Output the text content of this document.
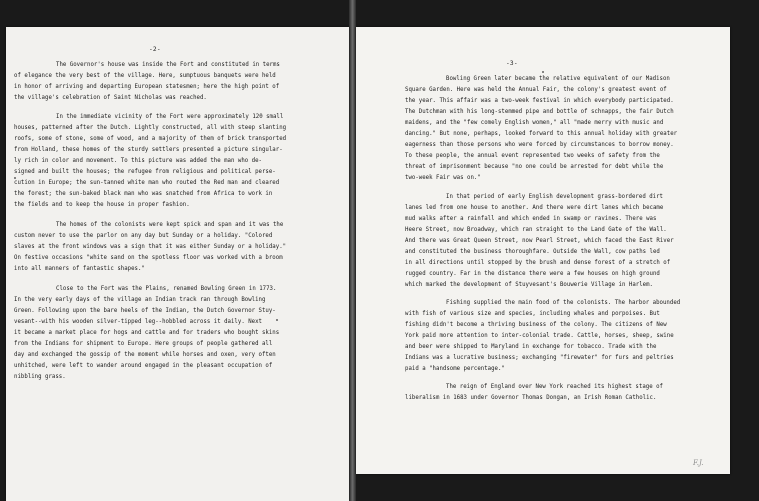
-2-
The Governor's house was inside the Fort and constituted in terms
of elegance the very best of the village. Here, sumptuous banquets were held
in honor of arriving and departing European statesmen; here the high point of
the village's celebration of Saint Nicholas was reached.
In the immediate vicinity of the Fort were approximately 120 small
houses, patterned after the Dutch. Lightly constructed, all with steep slanting
roofs, some of stone, some of wood, and a majority of them of brick transported
from Holland, these homes of the sturdy settlers presented a picture singular-
ly rich in color and movement. To this picture was added the man who de-
signed and built the houses; the refugee from religious and political perse-
cution in Europe; the sun-tanned white man who routed the Red man and cleared
the forest; the sun-baked black man who was snatched from Africa to work in
the fields and to keep the house in proper fashion.
The homes of the colonists were kept spick and span and it was the
custom never to use the parlor on any day but Sunday or a holiday. "Colored
slaves at the front windows was a sign that it was either Sunday or a holiday."
On festive occasions "white sand on the spotless floor was worked with a broom
into all manners of fantastic shapes."
Close to the Fort was the Plains, renamed Bowling Green in 1773.
In the very early days of the village an Indian track ran through Bowling
Green. Following upon the bare heels of the Indian, the Dutch Governor Stuy-
vesant--with his wooden silver-tipped leg--hobbled across it daily. Next
it became a market place for hogs and cattle and for traders who bought skins
from the Indians for shipment to Europe. Here groups of people gathered all
day and exchanged the gossip of the moment while horses and oxen, very often
unhitched, were left to wander around engaged in the pleasant occupation of
nibbling grass.
-3-
Bowling Green later became the relative equivalent of our Madison
Square Garden. Here was held the Annual Fair, the colony's greatest event of
the year. This affair was a two-week festival in which everybody participated.
The Dutchman with his long-stemmed pipe and bottle of schnapps, the fair Dutch
maidens, and the "few comely English women," all "made merry with music and
dancing." But none, perhaps, looked forward to this annual holiday with greater
eagerness than those persons who were forced by circumstances to borrow money.
To these people, the annual event represented two weeks of safety from the
threat of imprisonment because "no one could be arrested for debt while the
two-week Fair was on."
In that period of early English development grass-bordered dirt
lanes led from one house to another. And there were dirt lanes which became
mud walks after a rainfall and which ended in swamp or ravines. There was
Heere Street, now Broadway, which ran straight to the Land Gate of the Wall.
And there was Great Queen Street, now Pearl Street, which faced the East River
and constituted the business thoroughfare. Outside the Wall, cow paths led
in all directions until stopped by the brush and dense forest of a stretch of
rugged country. Far in the distance there were a few houses on high ground
which marked the development of Stuyvesant's Bouwerie Village in Harlem.
Fishing supplied the main food of the colonists. The harbor abounded
with fish of various size and species, including whales and porpoises. But
fishing didn't become a thriving business of the colony. The citizens of New
York paid more attention to inter-colonial trade. Cattle, horses, sheep, swine
and beer were shipped to Maryland in exchange for tobacco. Trade with the
Indians was a lucrative business; exchanging "firewater" for furs and peltries
paid a "handsome percentage."
The reign of England over New York reached its highest stage of
liberalism in 1683 under Governor Thomas Dongan, an Irish Roman Catholic.
F.J.
